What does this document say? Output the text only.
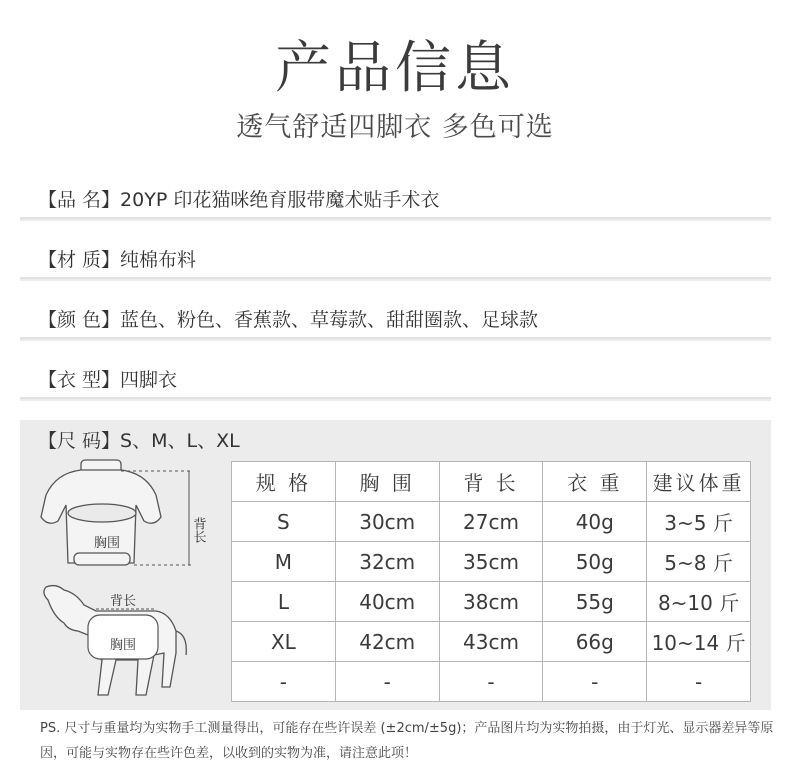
产品信息
透气舒适四脚衣 多色可选
【品 名】20YP 印花猫咪绝育服带魔术贴手术衣
【材 质】纯棉布料
【颜 色】蓝色、粉色、香蕉款、草莓款、甜甜圈款、足球款
【衣 型】四脚衣
【尺 码】S、M、L、XL
胸围
背长
背长
胸围
规 格	胸 围	背 长	衣 重	建议体重
S	30cm	27cm	40g	3~5 斤
M	32cm	35cm	50g	5~8 斤
L	40cm	38cm	55g	8~10 斤
XL	42cm	43cm	66g	10~14 斤
-	-	-	-	-
PS. 尺寸与重量均为实物手工测量得出，可能存在些许误差 (±2cm/±5g)；产品图片均为实物拍摄，由于灯光、显示器差异等原因，可能与实物存在些许色差，以收到的实物为准，请注意此项！
